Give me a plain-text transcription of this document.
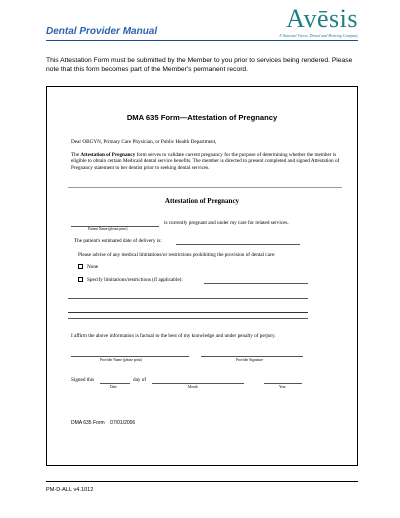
Dental Provider Manual	Avēsis
A National Vision, Dental and Hearing Company
This Attestation Form must be submitted by the Member to you prior to services being rendered. Please note that this form becomes part of the Member's permanent record.
DMA 635 Form—Attestation of Pregnancy
Dear OBGYN, Primary Care Physician, or Public Health Department,
The Attestation of Pregnancy form serves to validate current pregnancy for the purpose of determining whether the member is eligible to obtain certain Medicaid dental service benefits. The member is directed to present completed and signed Attestation of Pregnancy statement to her dentist prior to seeking dental services.
Attestation of Pregnancy
is currently pregnant and under my care for related services.
Patient Name (please print)
The patient's estimated date of delivery is:
Please advise of any medical limitations/or restrictions prohibiting the provision of dental care:
None
Specify limitations/restrictions (if applicable):
I affirm the above information is factual to the best of my knowledge and under penalty of perjury.
Provider Name (please print)	Provider Signature
Signed this	day of
Date	Month	Year
DMA 635 Form    07/01/2006
PM-D-ALL v4.1012
